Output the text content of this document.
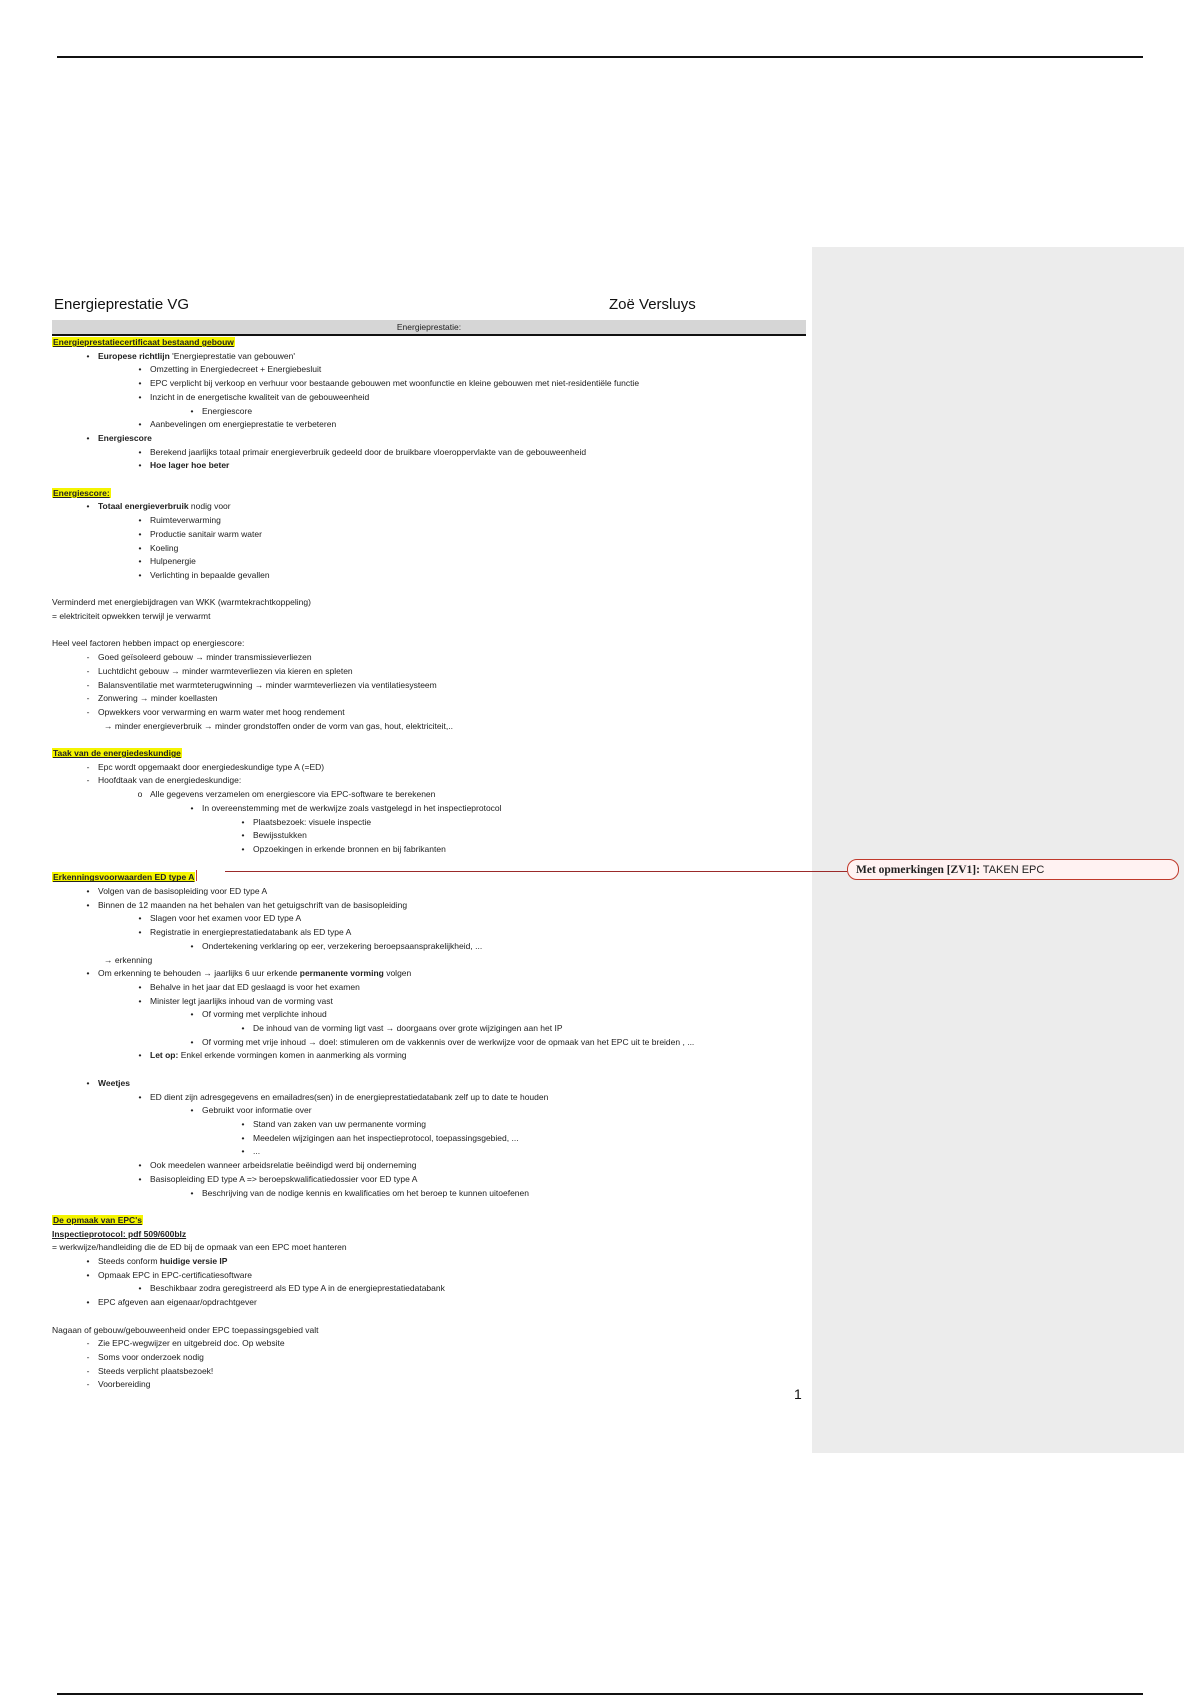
Energieprestatie VG	Zoë Versluys
Energieprestatie:
Energieprestatiecertificaat bestaand gebouw
• Europese richtlijn 'Energieprestatie van gebouwen'
• Omzetting in Energiedecreet + Energiebesluit
• EPC verplicht bij verkoop en verhuur voor bestaande gebouwen met woonfunctie en kleine gebouwen met niet-residentiële functie
• Inzicht in de energetische kwaliteit van de gebouweenheid
• Energiescore
• Aanbevelingen om energieprestatie te verbeteren
• Energiescore
• Berekend jaarlijks totaal primair energieverbruik gedeeld door de bruikbare vloeroppervlakte van de gebouweenheid
• Hoe lager hoe beter
Energiescore:
• Totaal energieverbruik nodig voor
• Ruimteverwarming
• Productie sanitair warm water
• Koeling
• Hulpenergie
• Verlichting in bepaalde gevallen
Verminderd met energiebijdragen van WKK (warmtekrachtkoppeling)
= elektriciteit opwekken terwijl je verwarmt
Heel veel factoren hebben impact op energiescore:
- Goed geïsoleerd gebouw → minder transmissieverliezen
- Luchtdicht gebouw → minder warmteverliezen via kieren en spleten
- Balansventilatie met warmteterugwinning → minder warmteverliezen via ventilatiesysteem
- Zonwering → minder koellasten
- Opwekkers voor verwarming en warm water met hoog rendement
→ minder energieverbruik → minder grondstoffen onder de vorm van gas, hout, elektriciteit,..
Taak van de energiedeskundige
- Epc wordt opgemaakt door energiedeskundige type A (=ED)
- Hoofdtaak van de energiedeskundige:
o Alle gegevens verzamelen om energiescore via EPC-software te berekenen
• In overeenstemming met de werkwijze zoals vastgelegd in het inspectieprotocol
• Plaatsbezoek: visuele inspectie
• Bewijsstukken
• Opzoekingen in erkende bronnen en bij fabrikanten
Erkenningsvoorwaarden ED type A
• Volgen van de basisopleiding voor ED type A
• Binnen de 12 maanden na het behalen van het getuigschrift van de basisopleiding
• Slagen voor het examen voor ED type A
• Registratie in energieprestatiedatabank als ED type A
• Ondertekening verklaring op eer, verzekering beroepsaansprakelijkheid, ...
→ erkenning
• Om erkenning te behouden → jaarlijks 6 uur erkende permanente vorming volgen
• Behalve in het jaar dat ED geslaagd is voor het examen
• Minister legt jaarlijks inhoud van de vorming vast
• Of vorming met verplichte inhoud
• De inhoud van de vorming ligt vast → doorgaans over grote wijzigingen aan het IP
• Of vorming met vrije inhoud → doel: stimuleren om de vakkennis over de werkwijze voor de opmaak van het EPC uit te breiden , ...
• Let op: Enkel erkende vormingen komen in aanmerking als vorming
• Weetjes
• ED dient zijn adresgegevens en emailadres(sen) in de energieprestatiedatabank zelf up to date te houden
• Gebruikt voor informatie over
• Stand van zaken van uw permanente vorming
• Meedelen wijzigingen aan het inspectieprotocol, toepassingsgebied, ...
• ...
• Ook meedelen wanneer arbeidsrelatie beëindigd werd bij onderneming
• Basisopleiding ED type A => beroepskwalificatiedossier voor ED type A
• Beschrijving van de nodige kennis en kwalificaties om het beroep te kunnen uitoefenen
De opmaak van EPC's
Inspectieprotocol: pdf 509/600blz
= werkwijze/handleiding die de ED bij de opmaak van een EPC moet hanteren
• Steeds conform huidige versie IP
• Opmaak EPC in EPC-certificatiesoftware
• Beschikbaar zodra geregistreerd als ED type A in de energieprestatiedatabank
• EPC afgeven aan eigenaar/opdrachtgever
Nagaan of gebouw/gebouweenheid onder EPC toepassingsgebied valt
- Zie EPC-wegwijzer en uitgebreid doc. Op website
- Soms voor onderzoek nodig
- Steeds verplicht plaatsbezoek!
- Voorbereiding
1
Met opmerkingen [ZV1]: TAKEN EPC
